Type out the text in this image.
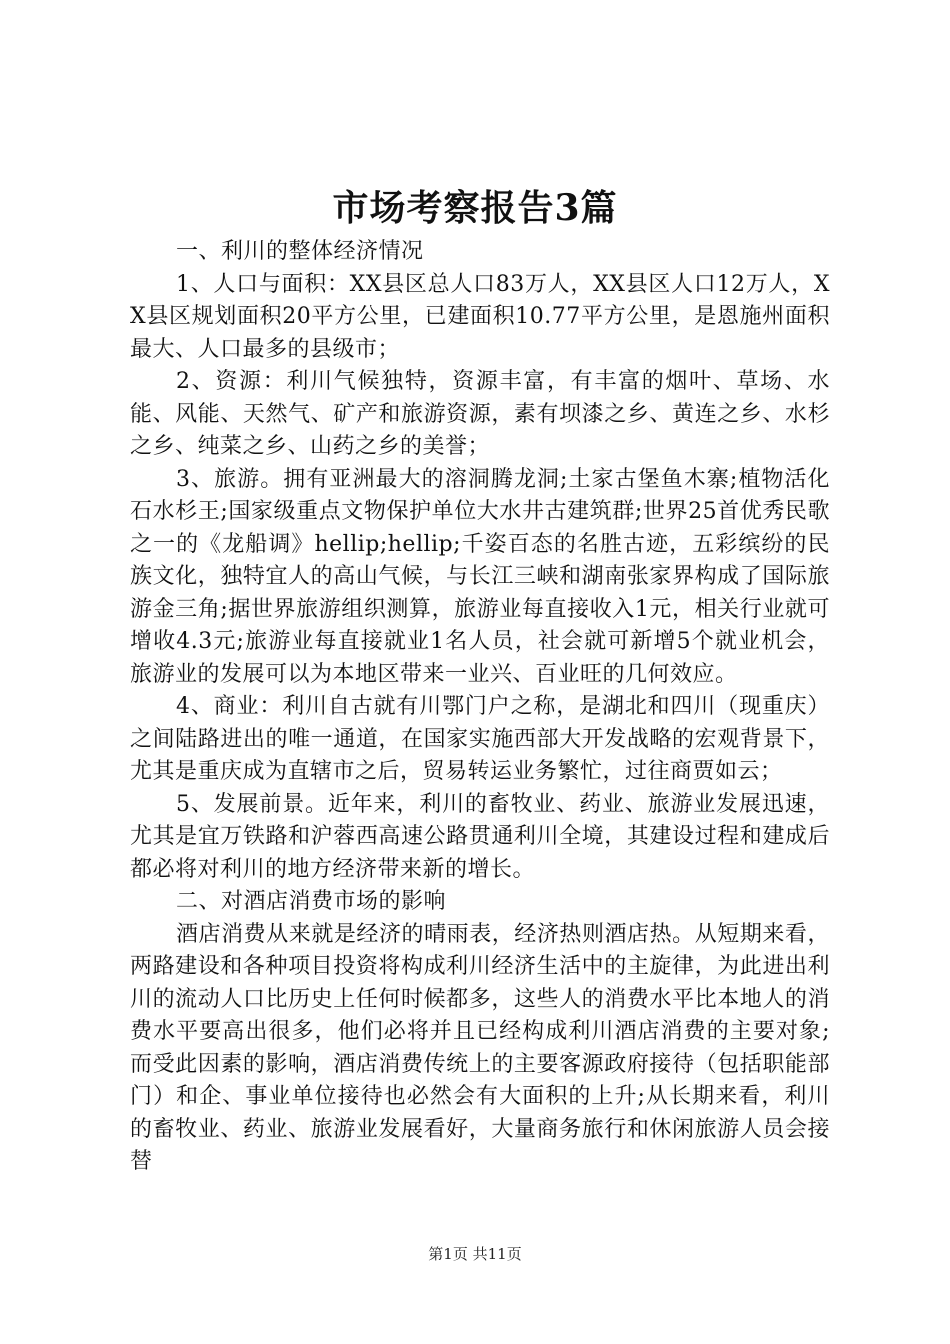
市场考察报告3篇

一、利川的整体经济情况

1、人口与面积：XX县区总人口83万人，XX县区人口12万人，XX县区规划面积20平方公里，已建面积10.77平方公里，是恩施州面积最大、人口最多的县级市；

2、资源：利川气候独特，资源丰富，有丰富的烟叶、草场、水能、风能、天然气、矿产和旅游资源，素有坝漆之乡、黄连之乡、水杉之乡、纯菜之乡、山药之乡的美誉；

3、旅游。拥有亚洲最大的溶洞腾龙洞;土家古堡鱼木寨;植物活化石水杉王;国家级重点文物保护单位大水井古建筑群;世界25首优秀民歌之一的《龙船调》hellip;hellip;千姿百态的名胜古迹，五彩缤纷的民族文化，独特宜人的高山气候，与长江三峡和湖南张家界构成了国际旅游金三角;据世界旅游组织测算，旅游业每直接收入1元，相关行业就可增收4.3元;旅游业每直接就业1名人员，社会就可新增5个就业机会，旅游业的发展可以为本地区带来一业兴、百业旺的几何效应。

4、商业：利川自古就有川鄂门户之称，是湖北和四川（现重庆）之间陆路进出的唯一通道，在国家实施西部大开发战略的宏观背景下，尤其是重庆成为直辖市之后，贸易转运业务繁忙，过往商贾如云；

5、发展前景。近年来，利川的畜牧业、药业、旅游业发展迅速，尤其是宜万铁路和沪蓉西高速公路贯通利川全境，其建设过程和建成后都必将对利川的地方经济带来新的增长。

二、对酒店消费市场的影响

酒店消费从来就是经济的晴雨表，经济热则酒店热。从短期来看，两路建设和各种项目投资将构成利川经济生活中的主旋律，为此进出利川的流动人口比历史上任何时候都多，这些人的消费水平比本地人的消费水平要高出很多，他们必将并且已经构成利川酒店消费的主要对象;而受此因素的影响，酒店消费传统上的主要客源政府接待（包括职能部门）和企、事业单位接待也必然会有大面积的上升;从长期来看，利川的畜牧业、药业、旅游业发展看好，大量商务旅行和休闲旅游人员会接替

第1页 共11页
